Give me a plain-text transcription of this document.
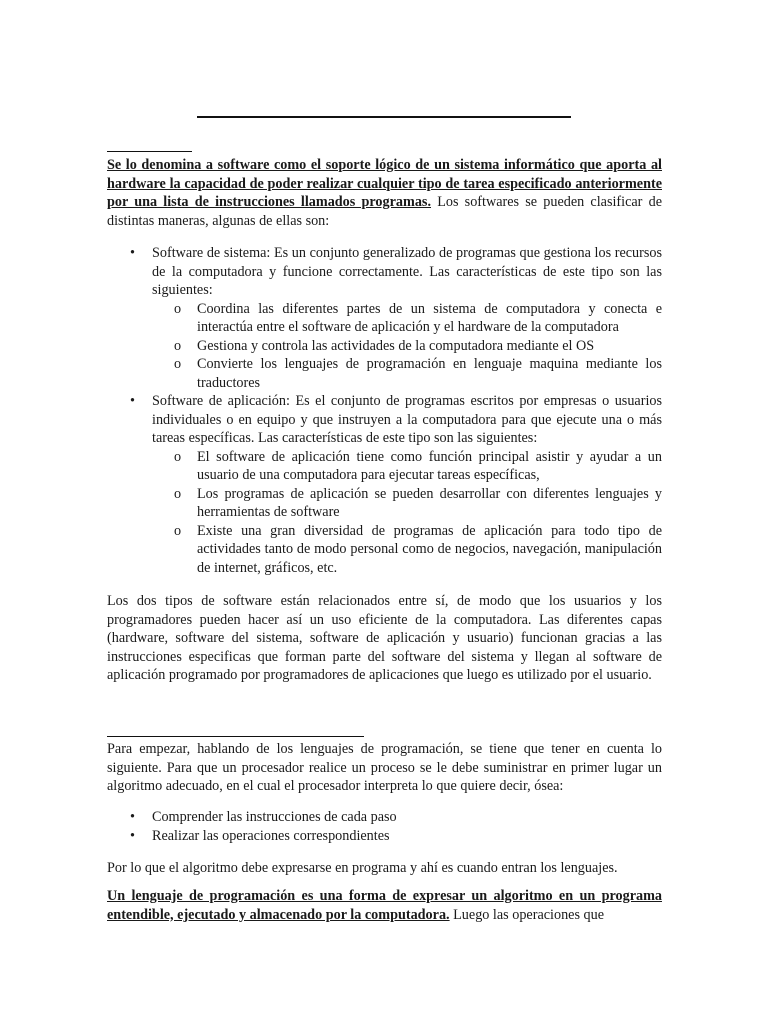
Se lo denomina a software como el soporte lógico de un sistema informático que aporta al hardware la capacidad de poder realizar cualquier tipo de tarea especificado anteriormente por una lista de instrucciones llamados programas. Los softwares se pueden clasificar de distintas maneras, algunas de ellas son:

• Software de sistema: Es un conjunto generalizado de programas que gestiona los recursos de la computadora y funcione correctamente. Las características de este tipo son las siguientes:
o Coordina las diferentes partes de un sistema de computadora y conecta e interactúa entre el software de aplicación y el hardware de la computadora
o Gestiona y controla las actividades de la computadora mediante el OS
o Convierte los lenguajes de programación en lenguaje maquina mediante los traductores
• Software de aplicación: Es el conjunto de programas escritos por empresas o usuarios individuales o en equipo y que instruyen a la computadora para que ejecute una o más tareas específicas. Las características de este tipo son las siguientes:
o El software de aplicación tiene como función principal asistir y ayudar a un usuario de una computadora para ejecutar tareas específicas,
o Los programas de aplicación se pueden desarrollar con diferentes lenguajes y herramientas de software
o Existe una gran diversidad de programas de aplicación para todo tipo de actividades tanto de modo personal como de negocios, navegación, manipulación de internet, gráficos, etc.

Los dos tipos de software están relacionados entre sí, de modo que los usuarios y los programadores pueden hacer así un uso eficiente de la computadora. Las diferentes capas (hardware, software del sistema, software de aplicación y usuario) funcionan gracias a las instrucciones especificas que forman parte del software del sistema y llegan al software de aplicación programado por programadores de aplicaciones que luego es utilizado por el usuario.

Para empezar, hablando de los lenguajes de programación, se tiene que tener en cuenta lo siguiente. Para que un procesador realice un proceso se le debe suministrar en primer lugar un algoritmo adecuado, en el cual el procesador interpreta lo que quiere decir, ósea:

• Comprender las instrucciones de cada paso
• Realizar las operaciones correspondientes

Por lo que el algoritmo debe expresarse en programa y ahí es cuando entran los lenguajes.

Un lenguaje de programación es una forma de expresar un algoritmo en un programa entendible, ejecutado y almacenado por la computadora. Luego las operaciones que
